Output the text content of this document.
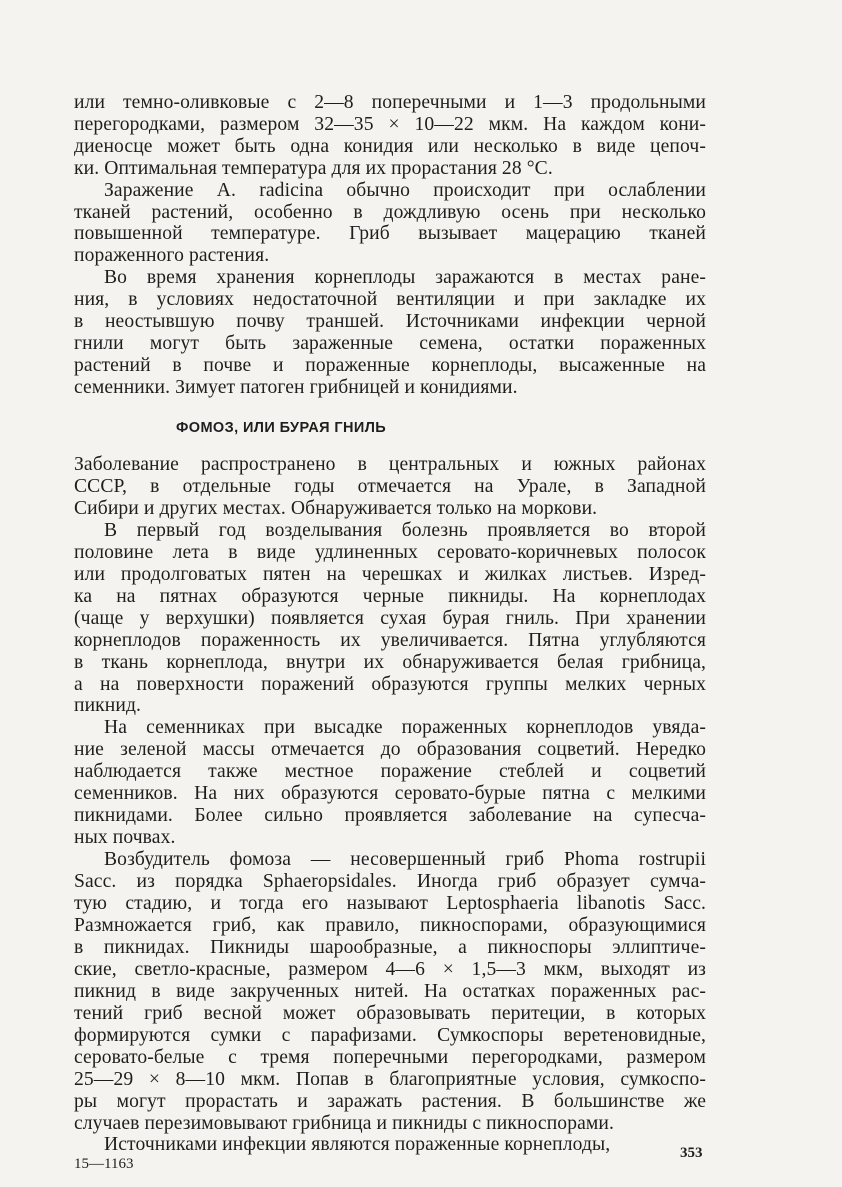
или темно-оливковые с 2—8 поперечными и 1—3 продольными
перегородками, размером 32—35 × 10—22 мкм. На каждом кони-
диеносце может быть одна конидия или несколько в виде цепоч-
ки. Оптимальная температура для их прорастания 28 °С.
Заражение A. radicina обычно происходит при ослаблении
тканей растений, особенно в дождливую осень при несколько
повышенной температуре. Гриб вызывает мацерацию тканей
пораженного растения.
Во время хранения корнеплоды заражаются в местах ране-
ния, в условиях недостаточной вентиляции и при закладке их
в неостывшую почву траншей. Источниками инфекции черной
гнили могут быть зараженные семена, остатки пораженных
растений в почве и пораженные корнеплоды, высаженные на
семенники. Зимует патоген грибницей и конидиями.
ФОМОЗ, ИЛИ БУРАЯ ГНИЛЬ
Заболевание распространено в центральных и южных районах
СССР, в отдельные годы отмечается на Урале, в Западной
Сибири и других местах. Обнаруживается только на моркови.
В первый год возделывания болезнь проявляется во второй
половине лета в виде удлиненных серовато-коричневых полосок
или продолговатых пятен на черешках и жилках листьев. Изред-
ка на пятнах образуются черные пикниды. На корнеплодах
(чаще у верхушки) появляется сухая бурая гниль. При хранении
корнеплодов пораженность их увеличивается. Пятна углубляются
в ткань корнеплода, внутри их обнаруживается белая грибница,
а на поверхности поражений образуются группы мелких черных
пикнид.
На семенниках при высадке пораженных корнеплодов увяда-
ние зеленой массы отмечается до образования соцветий. Нередко
наблюдается также местное поражение стеблей и соцветий
семенников. На них образуются серовато-бурые пятна с мелкими
пикнидами. Более сильно проявляется заболевание на супесча-
ных почвах.
Возбудитель фомоза — несовершенный гриб Phoma rostrupii
Sacc. из порядка Sphaeropsidales. Иногда гриб образует сумча-
тую стадию, и тогда его называют Leptosphaeria libanotis Sacc.
Размножается гриб, как правило, пикноспорами, образующимися
в пикнидах. Пикниды шарообразные, а пикноспоры эллиптиче-
ские, светло-красные, размером 4—6 × 1,5—3 мкм, выходят из
пикнид в виде закрученных нитей. На остатках пораженных рас-
тений гриб весной может образовывать перитеции, в которых
формируются сумки с парафизами. Сумкоспоры веретеновидные,
серовато-белые с тремя поперечными перегородками, размером
25—29 × 8—10 мкм. Попав в благоприятные условия, сумкоспо-
ры могут прорастать и заражать растения. В большинстве же
случаев перезимовывают грибница и пикниды с пикноспорами.
Источниками инфекции являются пораженные корнеплоды,	353
15—1163
